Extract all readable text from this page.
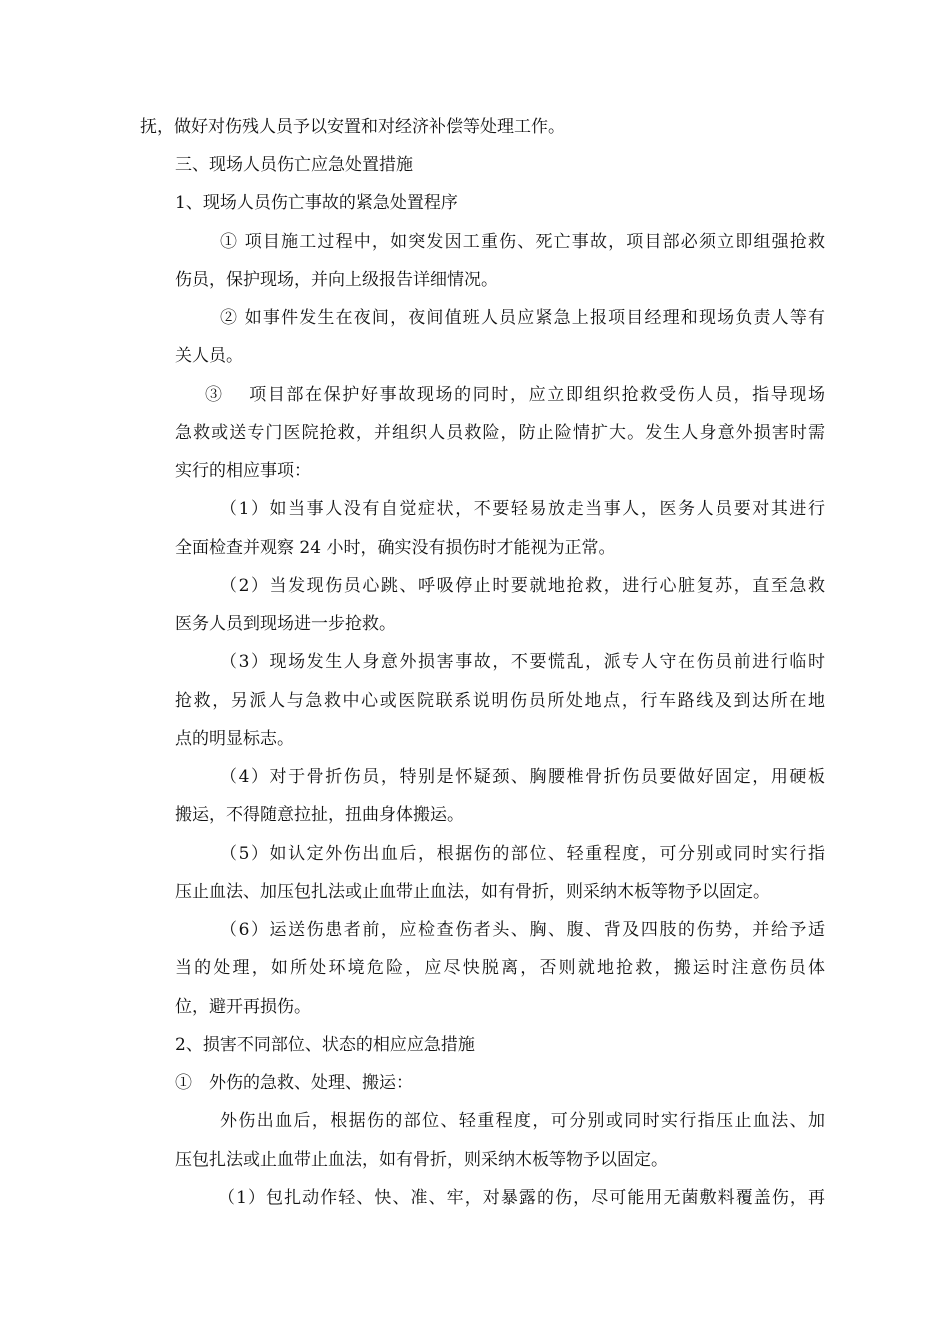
抚，做好对伤残人员予以安置和对经济补偿等处理工作。
三、现场人员伤亡应急处置措施
1、现场人员伤亡事故的紧急处置程序
① 项目施工过程中，如突发因工重伤、死亡事故，项目部必须立即组强抢救
伤员，保护现场，并向上级报告详细情况。
② 如事件发生在夜间，夜间值班人员应紧急上报项目经理和现场负责人等有
关人员。
③　 项目部在保护好事故现场的同时，应立即组织抢救受伤人员，指导现场
急救或送专门医院抢救，并组织人员救险，防止险情扩大。发生人身意外损害时需
实行的相应事项：
（1）如当事人没有自觉症状，不要轻易放走当事人，医务人员要对其进行
全面检查并观察 24 小时，确实没有损伤时才能视为正常。
（2）当发现伤员心跳、呼吸停止时要就地抢救，进行心脏复苏，直至急救
医务人员到现场进一步抢救。
（3）现场发生人身意外损害事故，不要慌乱，派专人守在伤员前进行临时
抢救，另派人与急救中心或医院联系说明伤员所处地点，行车路线及到达所在地
点的明显标志。
（4）对于骨折伤员，特别是怀疑颈、胸腰椎骨折伤员要做好固定，用硬板
搬运，不得随意拉扯，扭曲身体搬运。
（5）如认定外伤出血后，根据伤的部位、轻重程度，可分别或同时实行指
压止血法、加压包扎法或止血带止血法，如有骨折，则采纳木板等物予以固定。
（6）运送伤患者前，应检查伤者头、胸、腹、背及四肢的伤势，并给予适
当的处理，如所处环境危险，应尽快脱离，否则就地抢救，搬运时注意伤员体
位，避开再损伤。
2、损害不同部位、状态的相应应急措施
①　外伤的急救、处理、搬运：
外伤出血后，根据伤的部位、轻重程度，可分别或同时实行指压止血法、加
压包扎法或止血带止血法，如有骨折，则采纳木板等物予以固定。
（1）包扎动作轻、快、准、牢，对暴露的伤，尽可能用无菌敷料覆盖伤，再
